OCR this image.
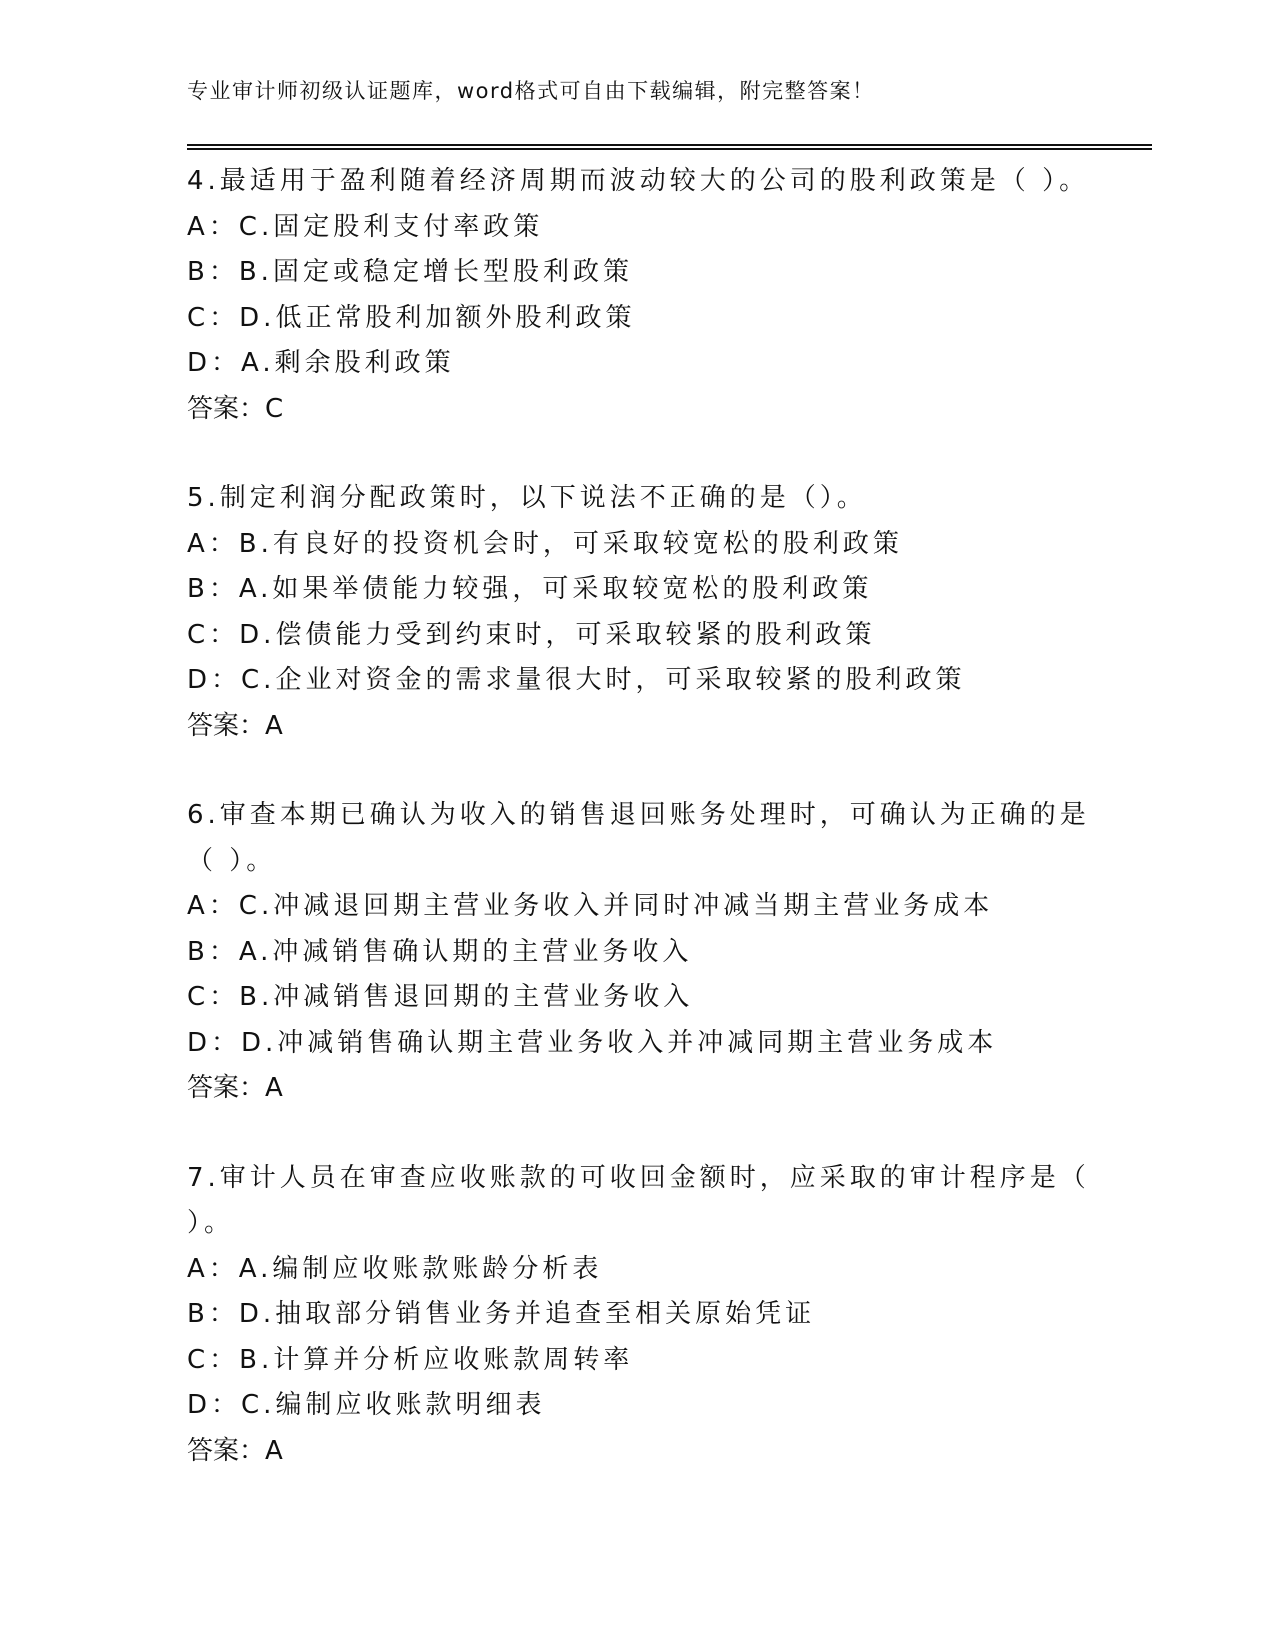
专业审计师初级认证题库，word格式可自由下载编辑，附完整答案！
4.最适用于盈利随着经济周期而波动较大的公司的股利政策是（ ）。
A：C.固定股利支付率政策
B：B.固定或稳定增长型股利政策
C：D.低正常股利加额外股利政策
D：A.剩余股利政策
答案：C
5.制定利润分配政策时，以下说法不正确的是（）。
A：B.有良好的投资机会时，可采取较宽松的股利政策
B：A.如果举债能力较强，可采取较宽松的股利政策
C：D.偿债能力受到约束时，可采取较紧的股利政策
D：C.企业对资金的需求量很大时，可采取较紧的股利政策
答案：A
6.审查本期已确认为收入的销售退回账务处理时，可确认为正确的是
（ ）。
A：C.冲减退回期主营业务收入并同时冲减当期主营业务成本
B：A.冲减销售确认期的主营业务收入
C：B.冲减销售退回期的主营业务收入
D：D.冲减销售确认期主营业务收入并冲减同期主营业务成本
答案：A
7.审计人员在审查应收账款的可收回金额时，应采取的审计程序是（
）。
A：A.编制应收账款账龄分析表
B：D.抽取部分销售业务并追查至相关原始凭证
C：B.计算并分析应收账款周转率
D：C.编制应收账款明细表
答案：A
